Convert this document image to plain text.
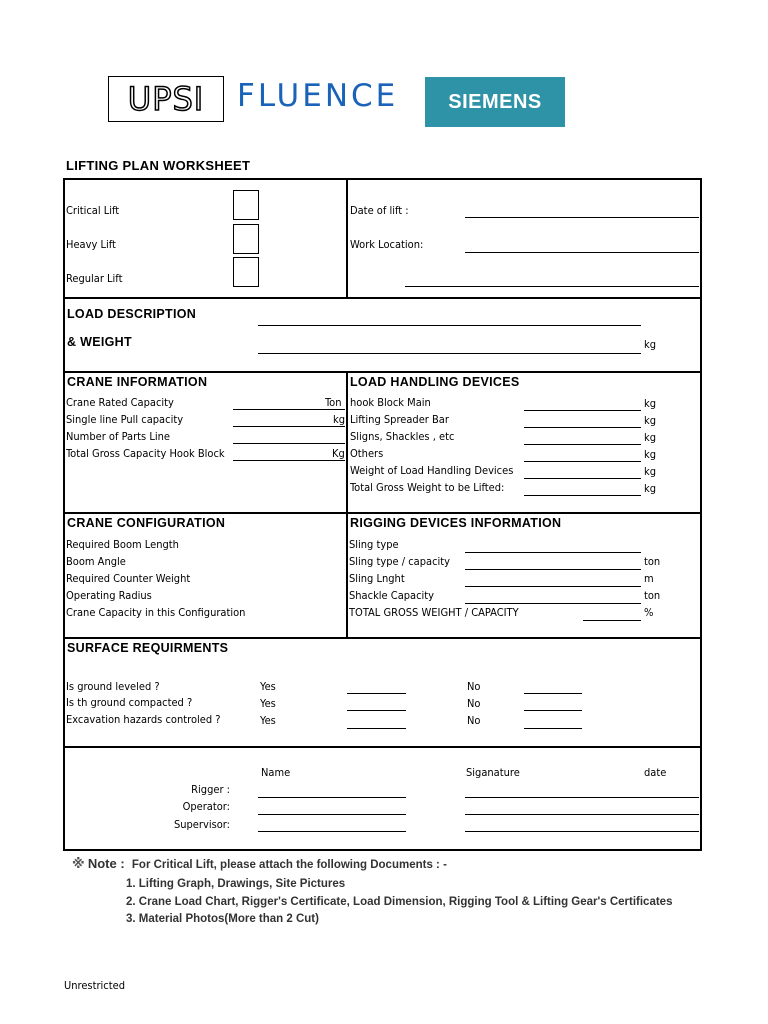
UPSI	FLUENCE	SIEMENS
LIFTING PLAN WORKSHEET
Critical Lift
Heavy Lift
Regular Lift
Date of lift :
Work Location:
LOAD DESCRIPTION
& WEIGHT	kg
CRANE INFORMATION
Crane Rated Capacity	Ton
Single line Pull capacity	kg
Number of Parts Line
Total Gross Capacity Hook Block	Kg
LOAD HANDLING DEVICES
hook Block Main	kg
Lifting Spreader Bar	kg
Sligns, Shackles , etc	kg
Others	kg
Weight of Load Handling Devices	kg
Total Gross Weight to be Lifted:	kg
CRANE CONFIGURATION
Required Boom Length
Boom Angle
Required Counter Weight
Operating Radius
Crane Capacity in this Configuration
RIGGING DEVICES INFORMATION
Sling type
Sling type / capacity	ton
Sling Lnght	m
Shackle Capacity	ton
TOTAL GROSS WEIGHT / CAPACITY	%
SURFACE REQUIRMENTS
Is ground leveled ?	Yes	No
Is th ground compacted ?	Yes	No
Excavation hazards controled ?	Yes	No
Name	Siganature	date
Rigger :
Operator:
Supervisor:
※ Note : For Critical Lift, please attach the following Documents : -
1. Lifting Graph, Drawings, Site Pictures
2. Crane Load Chart, Rigger's Certificate, Load Dimension, Rigging Tool & Lifting Gear's Certificates
3. Material Photos(More than 2 Cut)
Unrestricted
